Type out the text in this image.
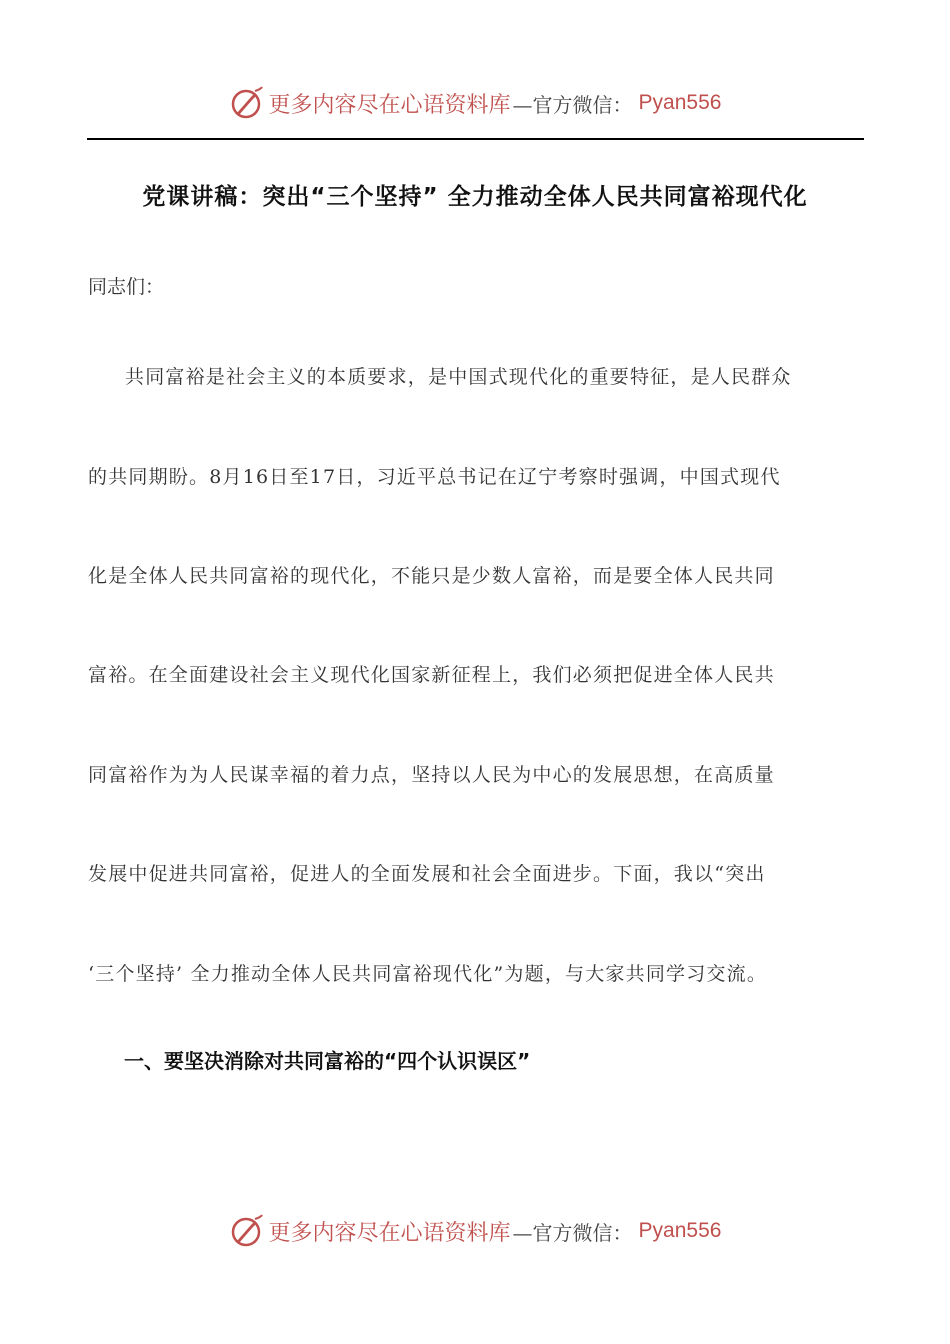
更多内容尽在心语资料库 —官方微信： Pyan556
党课讲稿：突出“三个坚持” 全力推动全体人民共同富裕现代化
同志们：
共同富裕是社会主义的本质要求，是中国式现代化的重要特征，是人民群众
的共同期盼。8月16日至17日，习近平总书记在辽宁考察时强调，中国式现代
化是全体人民共同富裕的现代化，不能只是少数人富裕，而是要全体人民共同
富裕。在全面建设社会主义现代化国家新征程上，我们必须把促进全体人民共
同富裕作为为人民谋幸福的着力点，坚持以人民为中心的发展思想，在高质量
发展中促进共同富裕，促进人的全面发展和社会全面进步。下面，我以“突出
‘三个坚持’ 全力推动全体人民共同富裕现代化”为题，与大家共同学习交流。
一、要坚决消除对共同富裕的“四个认识误区”
更多内容尽在心语资料库 —官方微信： Pyan556
